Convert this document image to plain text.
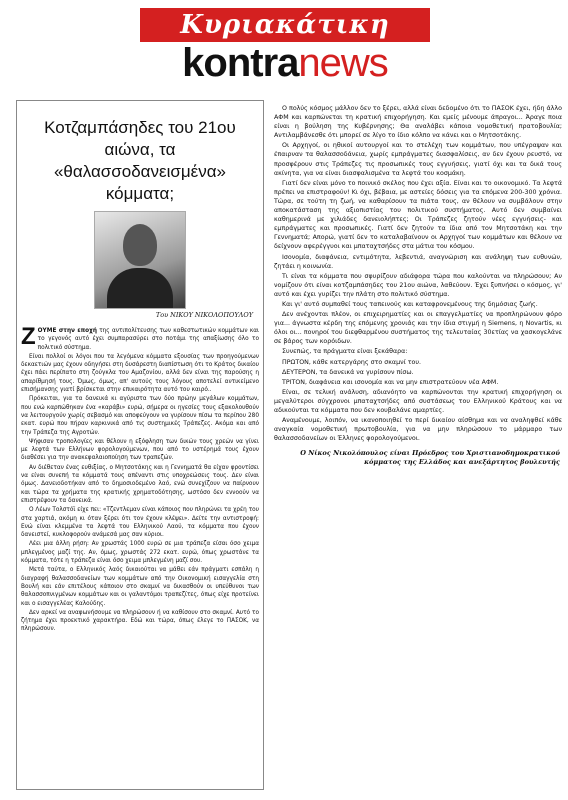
Κυριακάτικη
kontranews
Κοτζαμπάσηδες του 21ου αιώνα, τα «θαλασσοδανεισμένα» κόμματα;
Του ΝΙΚΟΥ ΝΙΚΟΛΟΠΟΥΛΟΥ

ΖΟΥΜΕ στην εποχή της αντιπολίτευσης των καθεστωτικών κομμάτων και το γεγονός αυτό έχει συμπαρασύρει στο ποτάμι της απαξίωσης όλο το πολιτικό σύστημα.

Είναι πολλοί οι λόγοι που τα λεγόμενα κόμματα εξουσίας των προηγούμενων δεκαετιών μας έχουν οδηγήσει στη δυσάρεστη διαπίστωση ότι το Κράτος δικαίου έχει πάει περίπατο στη ζούγκλα του Αμαζονίου, αλλά δεν είναι της παρούσης η απαρίθμησή τους. Όμως, όμως, απ' αυτούς τους λόγους αποτελεί αντικείμενο επισήμανσης γιατί βρίσκεται στην επικαιρότητα αυτό του καιρό..

Πρόκειται, για τα δανεικά κι αγύριστα των δύο πρώην μεγάλων κομμάτων, που ενώ καρπώθηκαν ένα «καράβι» ευρώ, σήμερα οι ηγεσίες τους εξακολουθούν να λειτουργούν χωρίς σεβασμό και αποφεύγουν να γυρίσουν πίσω τα περίπου 280 εκατ. ευρώ που πήραν καρκινικά από τις συστημικές Τράπεζες. Ακόμα και από την Τράπεζα της Αγροτών.

Ψήφισαν τροπολογίες και θέλουν η εξόφληση των δικών τους χρεών να γίνει με λεφτά των Ελλήνων φορολογούμενων, που από το υστέρημά τους έχουν διαθέσει για την ανακεφαλαιοποίηση των τραπεζών.

Αν διέθεταν ένας ευθιξίας, ο Μητσοτάκης και η Γεννηματά θα είχαν φροντίσει να είναι συνεπή τα κόμματά τους απέναντι στις υποχρεώσεις τους. Δεν είναι όμως. Δανειοδοτήκαν από το δημοσιοδεμένο λαό, ενώ συνεχίζουν να παίρνουν και τώρα τα χρήματα της κρατικής χρηματοδότησης, ωστόσο δεν εννοούν να επιστρέψουν τα δανεικά.

Ο Λέων Τολστόϊ είχε πει: «Τζεντλεμαν είναι κάποιος που πληρώνει τα χρέη του στα χαρτιά, ακόμη κι όταν ξέρει ότι τον έχουν κλέψει». Δείτε την αντιστροφή: Ενώ είναι κλεμμένα τα λεφτά του Ελληνικού Λαού, τα κόμματα που έχουν δανειστεί, κυκλοφορούν ανάμεσά μας σαν κύριοι.

Λέει μια άλλη ρήση: Αν χρωστάς 1000 ευρώ σε μια τράπεζα είσαι όσο χειμα μπλεγμένος μαζί της. Αν, όμως, χρωστάς 272 εκατ. ευρώ, όπως χρωστάνε τα κόμματα, τότε η τράπεζα είναι όσο χειμα μπλεγμένη μαζί σου.

Μετά ταύτα, ο Ελληνικός λαός δικαιούται να μάθει εάν πράγματι εσπάλη η διαγραφή θαλασσοδανείων των κομμάτων από την Οικονομική εισαγγελία στη Βουλή και εάν επιτέλους κάποιον στο σκαμνί να δικασθούν οι υπεύθυνοι των θαλασσοπνιγμένων κομμάτων και οι γαλαντόμοι τραπεζίτες, όπως είχε προτείνει και ο εισαγγελέας Καλούδης.

Δεν αρκεί να αναφωνήσουμε να πληρώσουν ή να καθίσουν στο σκαμνί. Αυτό το ζήτημα έχει προεκτικό χαρακτήρα. Εδώ και τώρα, όπως έλεγε το ΠΑΣΟΚ, να πληρώσουν.

Ο πολύς κόσμος μάλλον δεν το ξέρει, αλλά είναι δεδομένο ότι το ΠΑΣΟΚ έχει, ήδη άλλο ΑΦΜ και καρπώνεται τη κρατική επιχορήγηση. Και εμείς μένουμε άπραγοι... Άραγε ποια είναι η βούληση της Κυβέρνησης; Θα αναλάβει κάποια νομοθετική πρατοβουλία; Αντιλαμβάνεσθε ότι μπορεί σε λίγο το ίδιο κόλπο να κάνει και ο Μητσοτάκης.

Οι Αρχηγοί, οι ηθικοί αυτουργοί και το στελέχη των κομμάτων, που υπέγραψαν και έπαιρναν τα θαλασσοδάνεια, χωρίς εμπράγματες διασφαλίσεις, αν δεν έχουν ρευστό, να προσφέρουν στις Τράπεζες τις προσωπικές τους εγγυήσεις, γιατί όχι και τα δικά τους ακίνητα, για να είναι διασφαλισμένα τα λεφτά του κοσμάκη.

Γιατί δεν είναι μόνο το ποινικό σκέλος που έχει αξία. Είναι και το οικονομικό. Τα λεφτά πρέπει να επιστραφούν! Κι όχι, βέβαια, με αστείες δόσεις για τα επόμενα 200-300 χρόνια. Τώρα, σε τούτη τη ζωή, να καθαρίσουν τα πιάτα τους, αν θέλουν να συμβάλουν στην αποκατάσταση της αξιοπιστίας του πολιτικού συστήματος. Αυτό δεν συμβαίνει καθημερινά με χιλιάδες δανειολήπτες; Οι Τράπεζες ζητούν νέες εγγυήσεις- και εμπράγματες και προσωπικές. Γιατί δεν ζητούν τα ίδια από τον Μητσοτάκη και την Γεννηματά; Απορώ, γιατί δεν το καταλαβαίνουν οι Αρχηγοί των κομμάτων και θέλουν να δείχνουν αφερέγγυοι και μπαταχτσήδες στα μάτια του κόσμου.

Ισονομία, διαφάνεια, εντιμότητα, λεβεντιά, αναγνώριση και ανάληψη των ευθυνών, ζητάει η κοινωνία.

Τι είναι τα κόμματα που σφυρίζουν αδιάφορα τώρα που καλούνται να πληρώσουν; Αν νομίζουν ότι είναι κοτζαμπάσηδες του 21ου αιώνα, λαθεύουν. Έχει ξυπνήσει ο κόσμος, γι' αυτό και έχει γυρίζει την πλάτη στο πολιτικό σύστημα.

Και γι' αυτό συμπαθεί τους ταπεινούς και καταφρονεμένους της δημόσιας ζωής.

Δεν ανέχονται πλέον, οι επιχειρηματίες και οι επαγγελματίες να προπληρώνουν φόρο για... άγνωστα κέρδη της επόμενης χρονιάς και την ίδια στιγμή η Siemens, η Novartis, κι όλοι οι... πονηροί του διεφθαρμένου συστήματος της τελευταίας 30ετίας να χασκογελάνε σε βάρος των κορόιδων.

Συνεπώς, τα πράγματα είναι ξεκάθαρα:

ΠΡΩΤΟΝ, κάθε κατεργάρης στο σκαμνί του.

ΔΕΥΤΕΡΟΝ, τα δανεικά να γυρίσουν πίσω.

ΤΡΙΤΟΝ, διαφάνεια και ισονομία και να μην επιστρατεύουν νέα ΑΦΜ.

Είναι, σε τελική ανάλυση, αδιανόητο να καρπώνονται την κρατική επιχορήγηση οι μεγαλύτεροι σύγχρονοι μπαταχτσήδες από συστάσεως του Ελληνικού Κράτους και να αδικούνται τα κόμματα που δεν κουβαλάνε αμαρτίες.

Αναμένουμε, λοιπόν, να ικανοποιηθεί το περί δικαίου αίσθημα και να αναληφθεί κάθε αναγκαία νομοθετική πρωτοβουλία, για να μην πληρώσουν το μάρμαρο των θαλασσοδανείων οι Έλληνες φορολογούμενοι.

Ο Νίκος Νικολόπουλος είναι Πρόεδρος του Χριστιανοδημοκρατικού κόμματος της Ελλάδος και ανεξάρτητος βουλευτής
